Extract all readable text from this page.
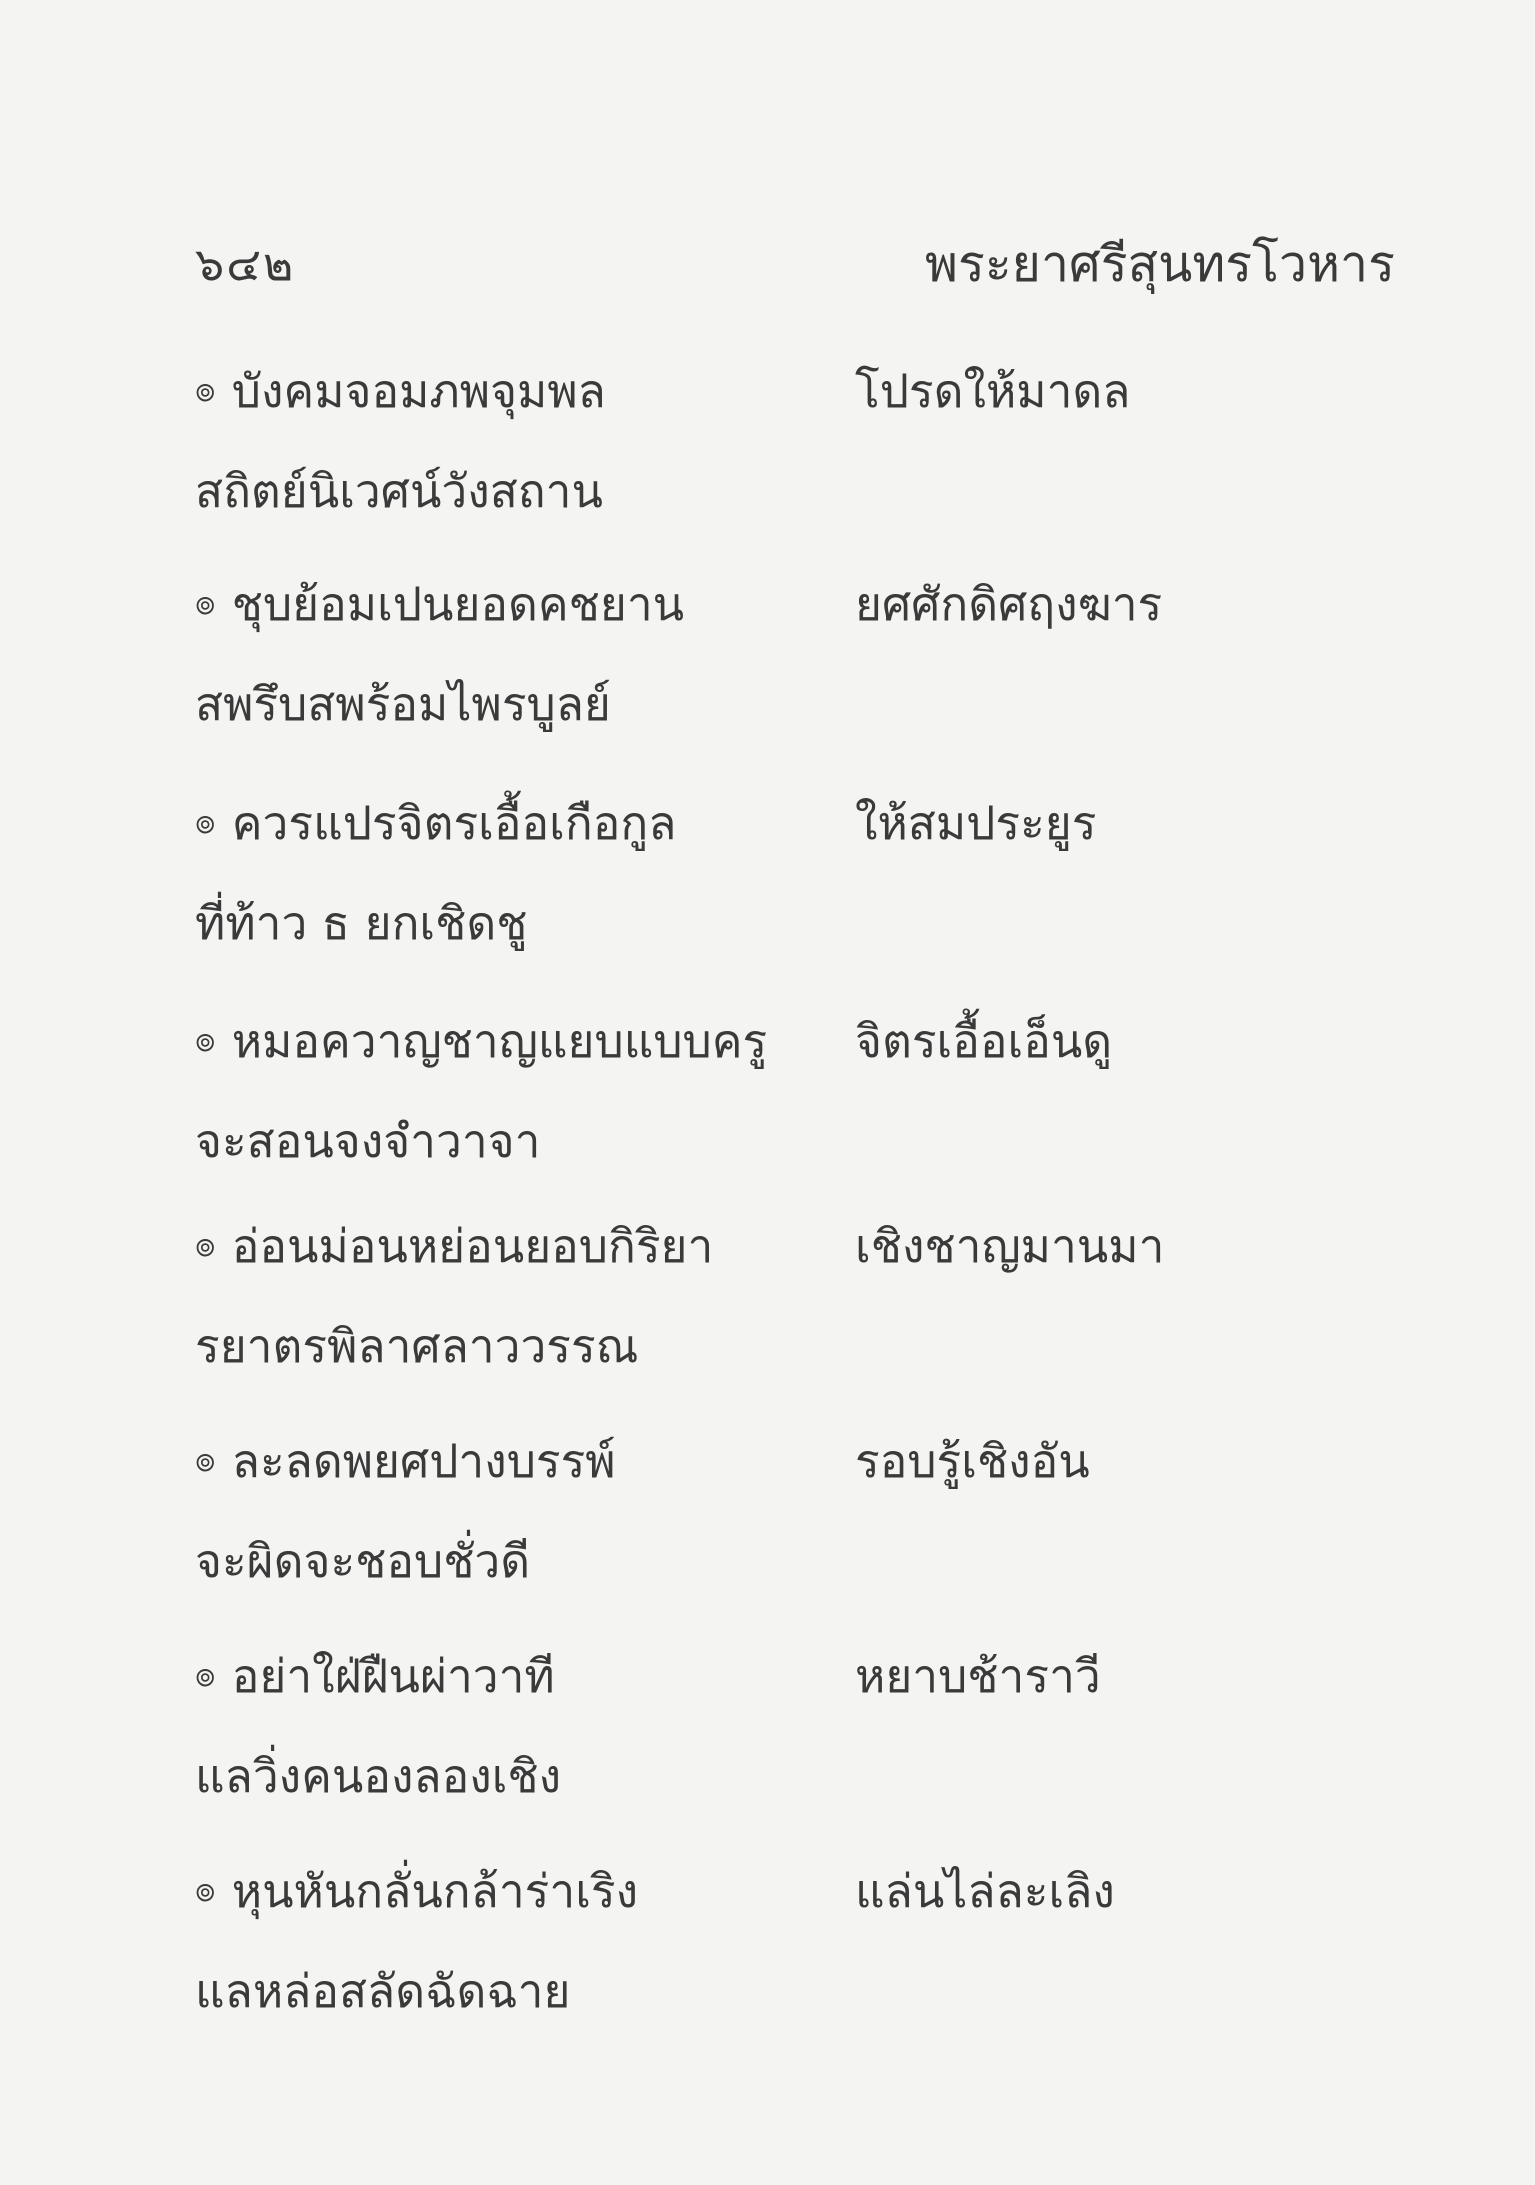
๖๔๒	พระยาศรีสุนทรโวหาร
๏ บังคมจอมภพจุมพล	โปรดให้มาดล
สถิตย์นิเวศน์วังสถาน
๏ ชุบย้อมเปนยอดคชยาน	ยศศักดิศฤงฆาร
สพรึบสพร้อมไพรบูลย์
๏ ควรแปรจิตรเอื้อเกือกูล	ให้สมประยูร
ที่ท้าว ธ ยกเชิดชู
๏ หมอควาญชาญแยบแบบครู จิตรเอื้อเอ็นดู
จะสอนจงจำวาจา
๏ อ่อนม่อนหย่อนยอบกิริยา	เชิงชาญมานมา
รยาตรพิลาศลาววรรณ
๏ ละลดพยศปางบรรพ์	รอบรู้เชิงอัน
จะผิดจะชอบชั่วดี
๏ อย่าใฝ่ฝืนผ่าวาที	หยาบช้าราวี
แลวิ่งคนองลองเชิง
๏ หุนหันกลั่นกล้าร่าเริง	แล่นไล่ละเลิง
แลหล่อสลัดฉัดฉาย
